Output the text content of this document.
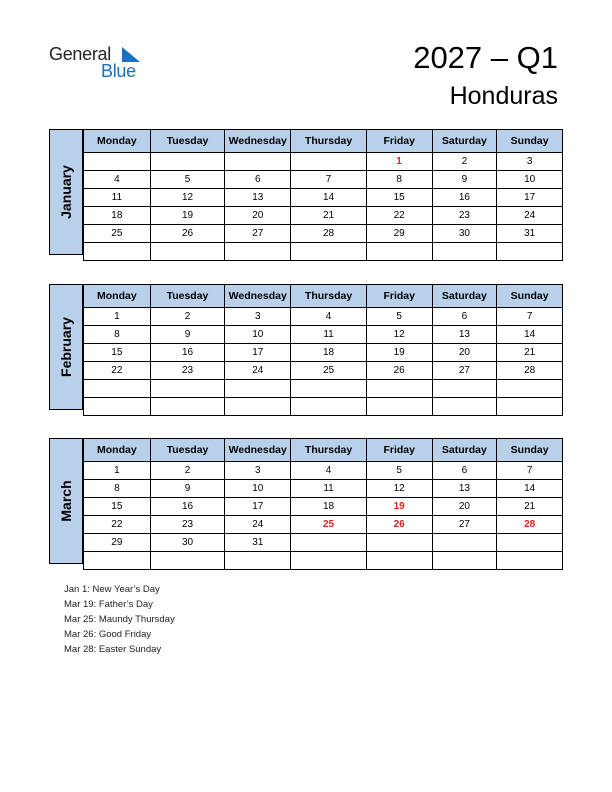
General
Blue	2027 – Q1
Honduras
January
Monday	Tuesday	Wednesday	Thursday	Friday	Saturday	Sunday
				1	2	3
4	5	6	7	8	9	10
11	12	13	14	15	16	17
18	19	20	21	22	23	24
25	26	27	28	29	30	31

February
Monday	Tuesday	Wednesday	Thursday	Friday	Saturday	Sunday
1	2	3	4	5	6	7
8	9	10	11	12	13	14
15	16	17	18	19	20	21
22	23	24	25	26	27	28

March
Monday	Tuesday	Wednesday	Thursday	Friday	Saturday	Sunday
1	2	3	4	5	6	7
8	9	10	11	12	13	14
15	16	17	18	19	20	21
22	23	24	25	26	27	28
29	30	31				

Jan 1: New Year’s Day
Mar 19: Father’s Day
Mar 25: Maundy Thursday
Mar 26: Good Friday
Mar 28: Easter Sunday
